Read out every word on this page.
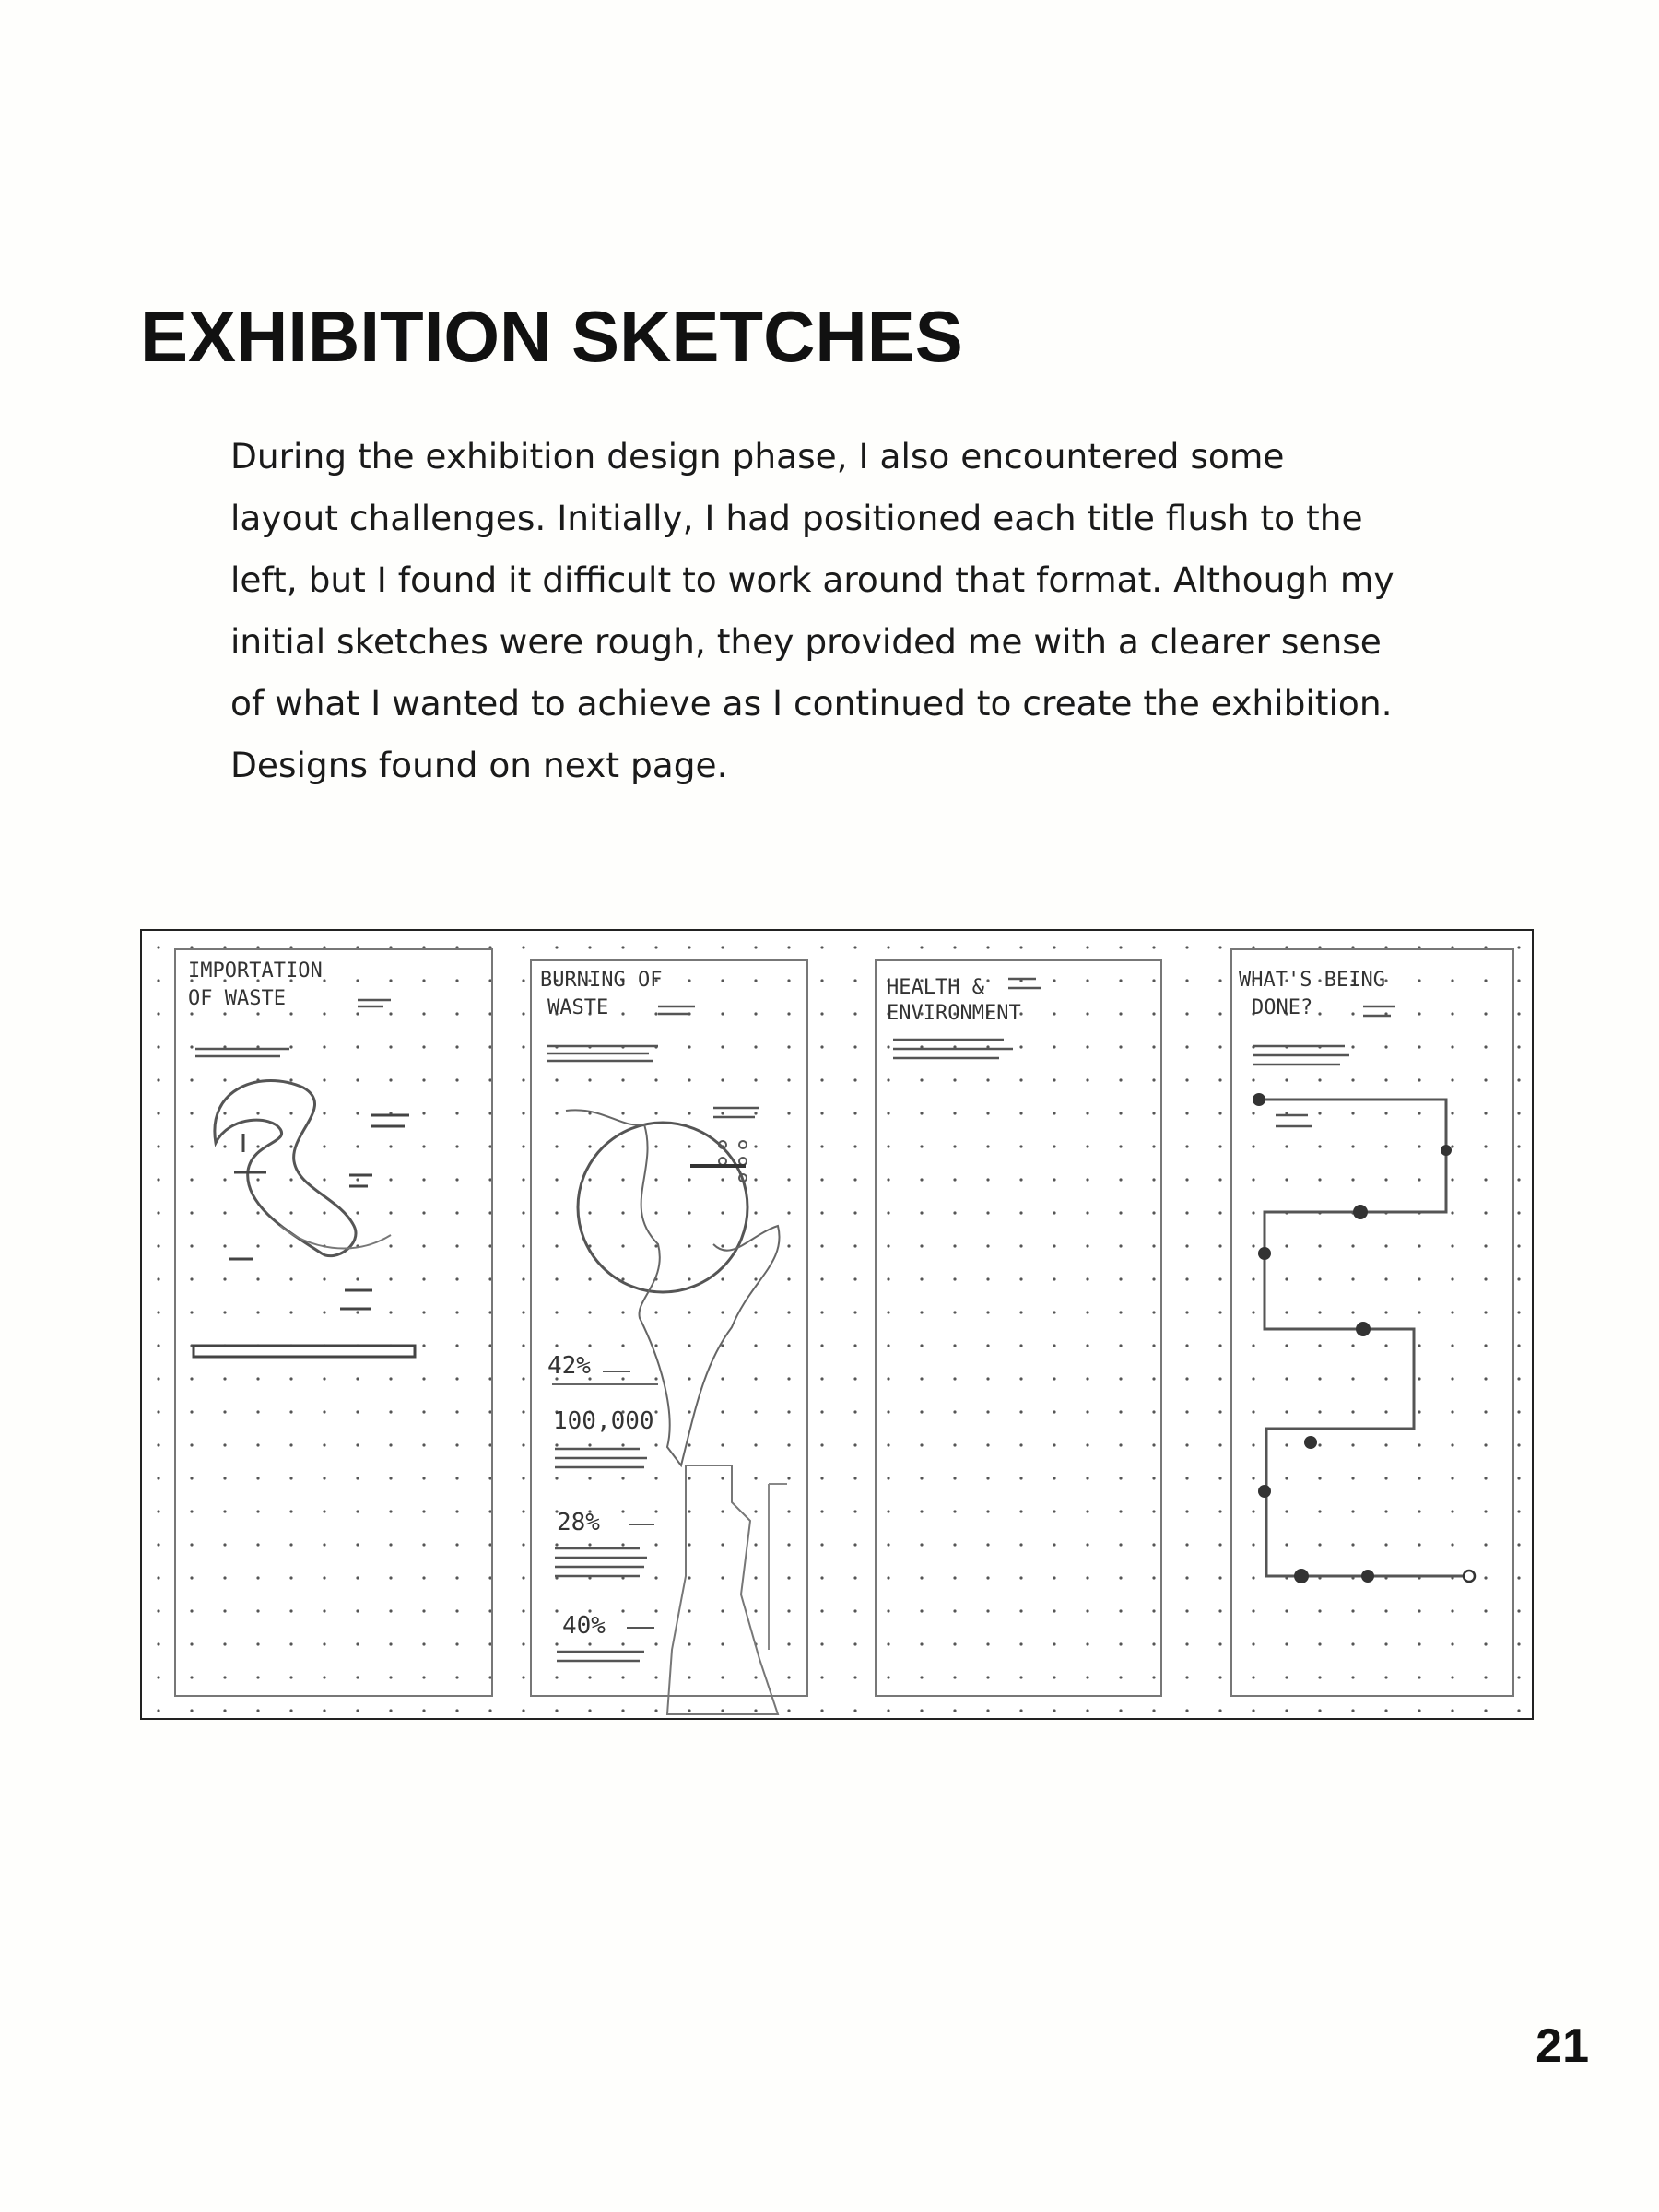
EXHIBITION SKETCHES
During the exhibition design phase, I also encountered some
layout challenges. Initially, I had positioned each title flush to the
left, but I found it difficult to work around that format. Although my
initial sketches were rough, they provided me with a clearer sense
of what I wanted to achieve as I continued to create the exhibition.
Designs found on next page.
IMPORTATION
OF WASTE
BURNING OF
WASTE
42%
100,000
28%
40%
HEALTH &
ENVIRONMENT
WHAT'S BEING
DONE?
21
